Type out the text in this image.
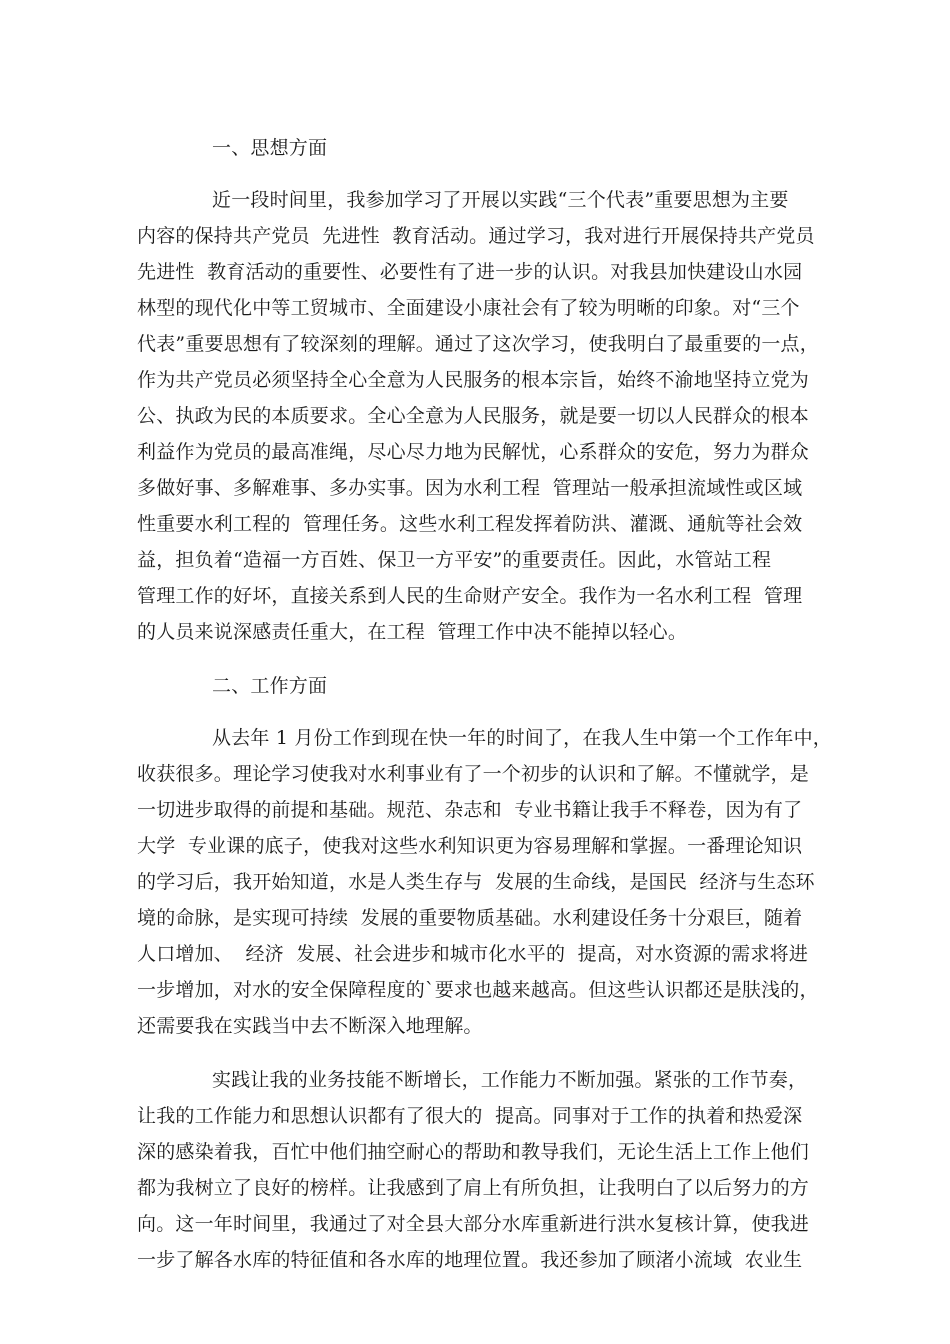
一、思想方面
近一段时间里，我参加学习了开展以实践“三个代表”重要思想为主要
内容的保持共产党员  先进性  教育活动。通过学习，我对进行开展保持共产党员
先进性  教育活动的重要性、必要性有了进一步的认识。对我县加快建设山水园
林型的现代化中等工贸城市、全面建设小康社会有了较为明晰的印象。对“三个
代表”重要思想有了较深刻的理解。通过了这次学习，使我明白了最重要的一点，
作为共产党员必须坚持全心全意为人民服务的根本宗旨，始终不渝地坚持立党为
公、执政为民的本质要求。全心全意为人民服务，就是要一切以人民群众的根本
利益作为党员的最高准绳，尽心尽力地为民解忧，心系群众的安危，努力为群众
多做好事、多解难事、多办实事。因为水利工程  管理站一般承担流域性或区域
性重要水利工程的  管理任务。这些水利工程发挥着防洪、灌溉、通航等社会效
益，担负着“造福一方百姓、保卫一方平安”的重要责任。因此，水管站工程
管理工作的好坏，直接关系到人民的生命财产安全。我作为一名水利工程  管理
的人员来说深感责任重大，在工程  管理工作中决不能掉以轻心。
二、工作方面
从去年 1 月份工作到现在快一年的时间了，在我人生中第一个工作年中，
收获很多。理论学习使我对水利事业有了一个初步的认识和了解。不懂就学，是
一切进步取得的前提和基础。规范、杂志和  专业书籍让我手不释卷，因为有了
大学  专业课的底子，使我对这些水利知识更为容易理解和掌握。一番理论知识
的学习后，我开始知道，水是人类生存与  发展的生命线，是国民  经济与生态环
境的命脉，是实现可持续  发展的重要物质基础。水利建设任务十分艰巨，随着
人口增加、  经济  发展、社会进步和城市化水平的  提高，对水资源的需求将进
一步增加，对水的安全保障程度的`要求也越来越高。但这些认识都还是肤浅的，
还需要我在实践当中去不断深入地理解。
实践让我的业务技能不断增长，工作能力不断加强。紧张的工作节奏，
让我的工作能力和思想认识都有了很大的  提高。同事对于工作的执着和热爱深
深的感染着我，百忙中他们抽空耐心的帮助和教导我们，无论生活上工作上他们
都为我树立了良好的榜样。让我感到了肩上有所负担，让我明白了以后努力的方
向。这一年时间里，我通过了对全县大部分水库重新进行洪水复核计算，使我进
一步了解各水库的特征值和各水库的地理位置。我还参加了顾渚小流域  农业生
